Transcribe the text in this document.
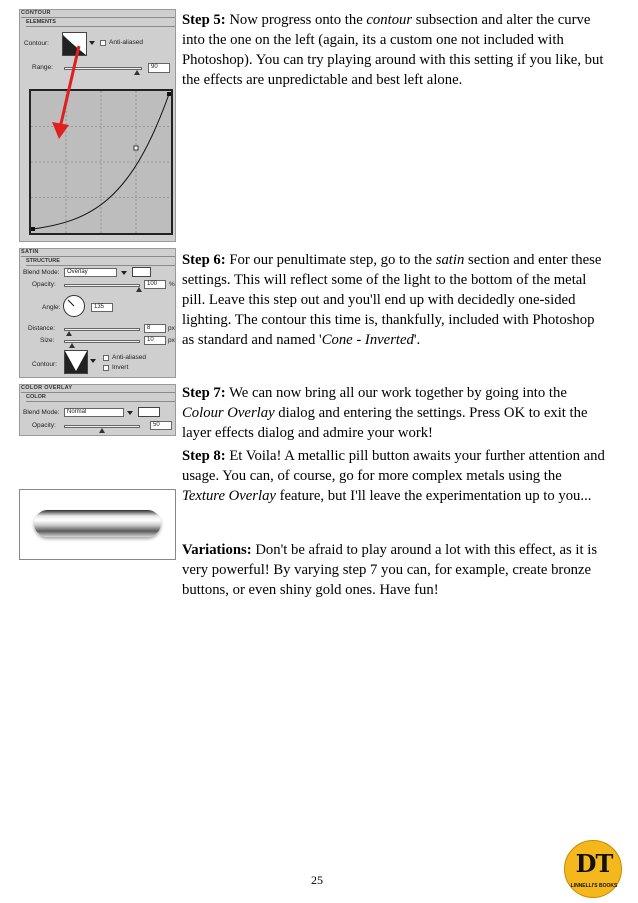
CONTOUR
ELEMENTS
Contour:	Anti-aliased
Range:	90
SATIN
STRUCTURE
Blend Mode:	Overlay
Opacity:	100	%
Angle:	135
Distance:	8	px
Size:	10	px
Contour:
Anti-aliased
Invert
COLOR OVERLAY
COLOR
Blend Mode:	Normal
Opacity:	50

Step 5: Now progress onto the contour subsection and alter the curve into the one on the left (again, its a custom one not included with Photoshop). You can try playing around with this setting if you like, but the effects are unpredictable and best left alone.

Step 6: For our penultimate step, go to the satin section and enter these settings. This will reflect some of the light to the bottom of the metal pill. Leave this step out and you'll end up with decidedly one-sided lighting. The contour this time is, thankfully, included with Photoshop as standard and named 'Cone - Inverted'.

Step 7: We can now bring all our work together by going into the Colour Overlay dialog and entering the settings. Press OK to exit the layer effects dialog and admire your work!

Step 8: Et Voila! A metallic pill button awaits your further attention and usage. You can, of course, go for more complex metals using the Texture Overlay feature, but I'll leave the experimentation up to you...

Variations: Don't be afraid to play around a lot with this effect, as it is very powerful! By varying step 7 you can, for example, create bronze buttons, or even shiny gold ones. Have fun!

25
DT
LINNELLI'S BOOKS
